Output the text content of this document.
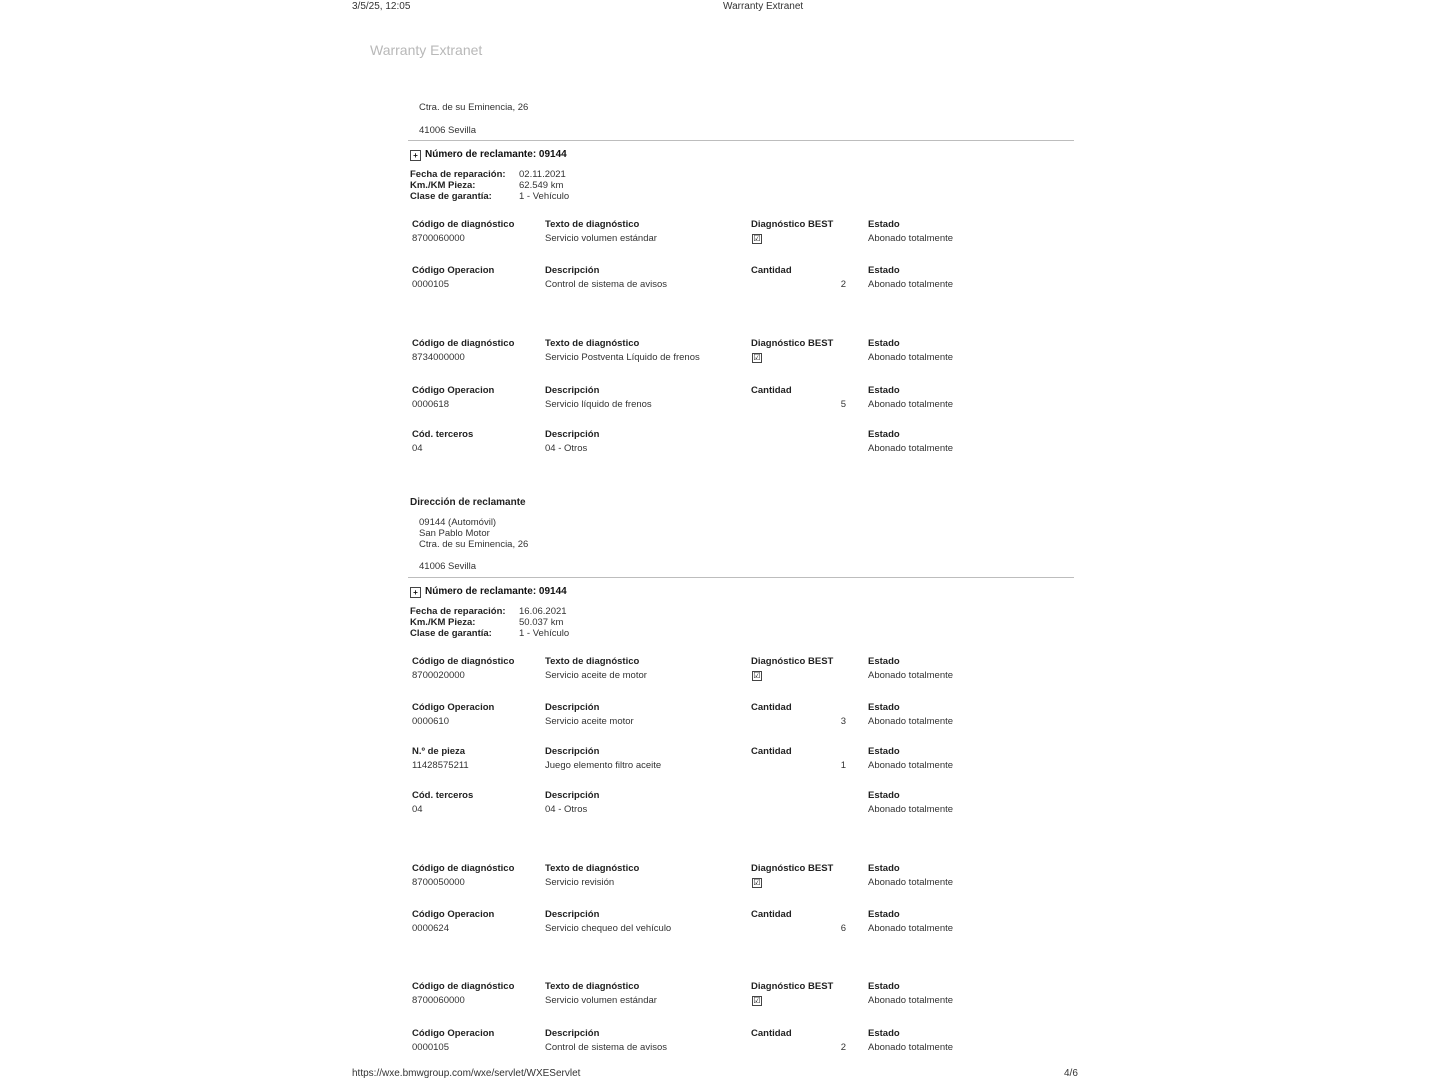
3/5/25, 12:05	Warranty Extranet
Warranty Extranet
Ctra. de su Eminencia, 26
41006 Sevilla
+ Número de reclamante: 09144
Fecha de reparación: 02.11.2021
Km./KM Pieza:	62.549 km
Clase de garantía:	1 - Vehículo
Código de diagnóstico	Texto de diagnóstico	Diagnóstico BEST	Estado
8700060000	Servicio volumen estándar	☑	Abonado totalmente
Código Operacion	Descripción	Cantidad	Estado
0000105	Control de sistema de avisos	2 Abonado totalmente
Código de diagnóstico	Texto de diagnóstico	Diagnóstico BEST	Estado
8734000000	Servicio Postventa Líquido de frenos	☑	Abonado totalmente
Código Operacion	Descripción	Cantidad	Estado
0000618	Servicio líquido de frenos	5 Abonado totalmente
Cód. terceros	Descripción	Estado
04	04 - Otros	Abonado totalmente
Dirección de reclamante
09144 (Automóvil)
San Pablo Motor
Ctra. de su Eminencia, 26
41006 Sevilla
+ Número de reclamante: 09144
Fecha de reparación: 16.06.2021
Km./KM Pieza:	50.037 km
Clase de garantía:	1 - Vehículo
Código de diagnóstico	Texto de diagnóstico	Diagnóstico BEST	Estado
8700020000	Servicio aceite de motor	☑	Abonado totalmente
Código Operacion	Descripción	Cantidad	Estado
0000610	Servicio aceite motor	3 Abonado totalmente
N.º de pieza	Descripción	Cantidad	Estado
11428575211	Juego elemento filtro aceite	1 Abonado totalmente
Cód. terceros	Descripción	Estado
04	04 - Otros	Abonado totalmente
Código de diagnóstico	Texto de diagnóstico	Diagnóstico BEST	Estado
8700050000	Servicio revisión	☑	Abonado totalmente
Código Operacion	Descripción	Cantidad	Estado
0000624	Servicio chequeo del vehículo	6 Abonado totalmente
Código de diagnóstico	Texto de diagnóstico	Diagnóstico BEST	Estado
8700060000	Servicio volumen estándar	☑	Abonado totalmente
Código Operacion	Descripción	Cantidad	Estado
0000105	Control de sistema de avisos	2 Abonado totalmente
https://wxe.bmwgroup.com/wxe/servlet/WXEServlet	4/6
